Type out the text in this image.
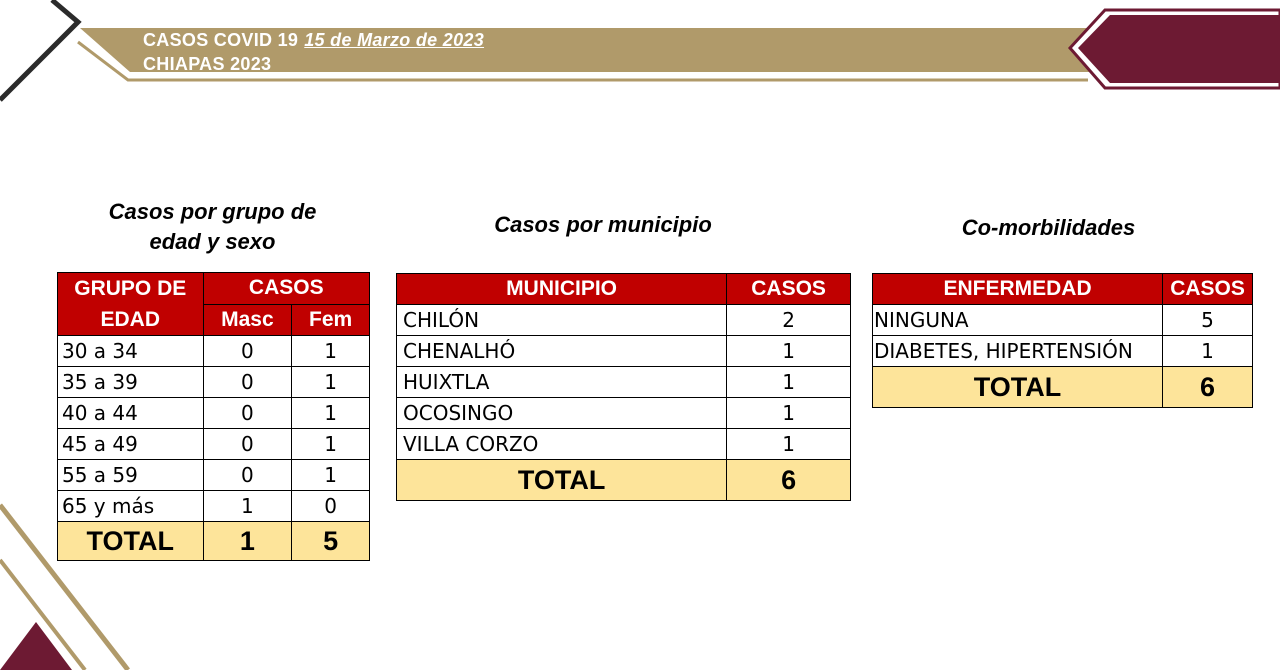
CASOS COVID 19 15 de Marzo de 2023
CHIAPAS 2023
Casos por grupo de
edad y sexo
Casos por municipio	Co-morbilidades
GRUPO DE EDAD	CASOS	
	Masc	Fem
30 a 34	0	1
35 a 39	0	1
40 a 44	0	1
45 a 49	0	1
55 a 59	0	1
65 y más	1	0
TOTAL	1	5
MUNICIPIO	CASOS
CHILÓN	2
CHENALHÓ	1
HUIXTLA	1
OCOSINGO	1
VILLA CORZO	1
TOTAL	6
ENFERMEDAD	CASOS
NINGUNA	5
DIABETES, HIPERTENSIÓN	1
TOTAL	6
